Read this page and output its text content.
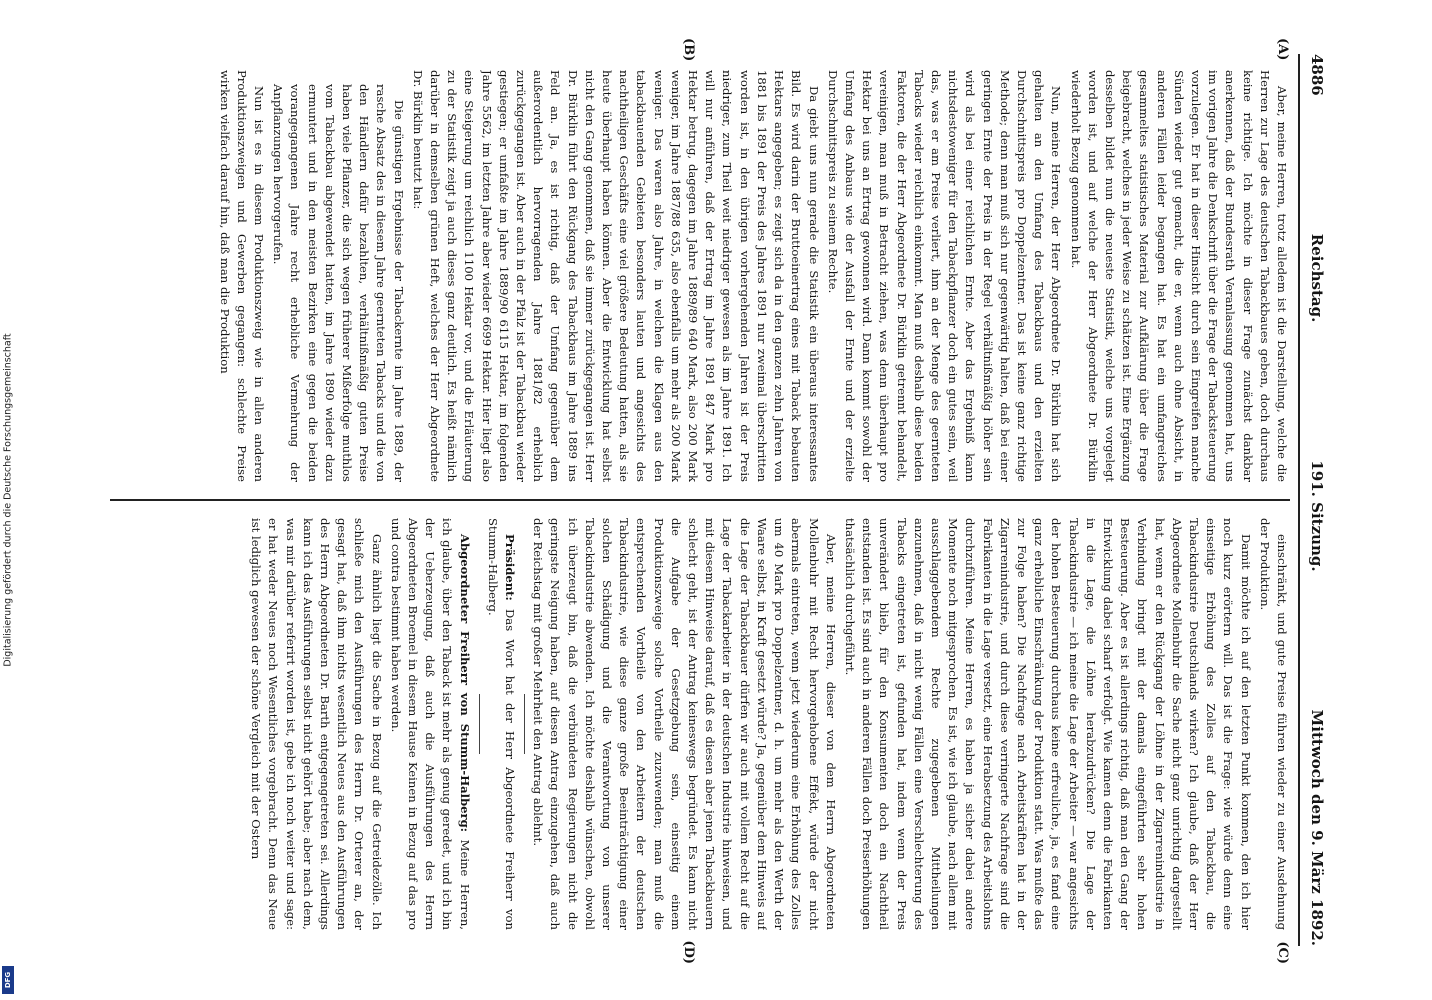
4886
Reichstag.
191. Sitzung.
Mittwoch den 9. März 1892.
(A)
(B)
(C)
(D)

Aber, meine Herren, trotz alledem ist die Darstellung, welche die Herren zur Lage des deutschen Tabackbaues geben, doch durchaus keine richtige. Ich möchte in dieser Frage zunächst dankbar anerkennen, daß der Bundesrath Veranlassung genommen hat, uns im vorigen Jahre die Denkschrift über die Frage der Tabacksteuerung vorzulegen. Er hat in dieser Hinsicht durch sein Eingreifen manche Sünden wieder gut gemacht, die er, wenn auch ohne Absicht, in anderen Fällen leider begangen hat. Es hat ein umfangreiches gesammeltes statistisches Material zur Aufklärung über die Frage beigebracht, welches in jeder Weise zu schätzen ist. Eine Ergänzung desselben bildet nun die neueste Statistik, welche uns vorgelegt worden ist, und auf welche der Herr Abgeordnete Dr. Bürklin wiederholt Bezug genommen hat.

Nun, meine Herren, der Herr Abgeordnete Dr. Bürklin hat sich gehalten an den Umfang des Tabackbaus und den erzielten Durchschnittspreis pro Doppelzentner. Das ist keine ganz richtige Methode; denn man muß sich nur gegenwärtig halten, daß bei einer geringen Ernte der Preis in der Regel verhältnißmäßig höher sein wird als bei einer reichlichen Ernte. Aber das Ergebniß kann nichtsdestoweniger für den Tabackpflanzer doch ein gutes sein, weil das, was er am Preise verliert, ihm an der Menge des geernteten Tabacks wieder reichlich einkommt. Man muß deshalb diese beiden Faktoren, die der Herr Abgeordnete Dr. Bürklin getrennt behandelt, vereinigen, man muß in Betracht ziehen, was denn überhaupt pro Hektar bei uns an Ertrag gewonnen wird. Dann kommt sowohl der Umfang des Anbaus wie der Ausfall der Ernte und der erzielte Durchschnittspreis zu seinem Rechte.

Da giebt uns nun gerade die Statistik ein überaus interessantes Bild. Es wird darin der Bruttoeinertrag eines mit Taback bebauten Hektars angegeben; es zeigt sich da in den ganzen zehn Jahren von 1881 bis 1891 der Preis des Jahres 1891 nur zweimal überschritten worden ist, in den übrigen vorhergehenden Jahren ist der Preis niedriger, zum Theil weit niedriger gewesen als im Jahre 1891. Ich will nur anführen, daß der Ertrag im Jahre 1891 847 Mark pro Hektar betrug, dagegen im Jahre 1889/89 640 Mark, also 200 Mark weniger, im Jahre 1887/88 635, also ebenfalls um mehr als 200 Mark weniger. Das waren also Jahre, in welchen die Klagen aus den tabackbauenden Gebieten besonders lauten und angesichts des nachtheiligen Geschäfts eine viel größere Bedeutung hatten, als sie heute überhaupt haben können. Aber die Entwicklung hat selbst nicht den Gang genommen, daß sie immer zurückgegangen ist. Herr Dr. Bürklin führt den Rückgang des Tabackbaus im Jahre 1889 ins Feld an. Ja, es ist richtig, daß der Umfang gegenüber dem außerordentlich hervorragenden Jahre 1881/82 erheblich zurückgegangen ist. Aber auch in der Pfalz ist der Tabackbau wieder gestiegen; er umfaßte im Jahre 1889/90 6115 Hektar, im folgenden Jahre 5562, im letzten Jahre aber wieder 6699 Hektar. Hier liegt also eine Steigerung um reichlich 1100 Hektar vor, und die Erläuterung zu der Statistik zeigt ja auch dieses ganz deutlich. Es heißt nämlich darüber in demselben grünen Heft, welches der Herr Abgeordnete Dr. Bürklin benutzt hat:

Die günstigen Ergebnisse der Tabackernte im Jahre 1889, der rasche Absatz des in diesem Jahre geernteten Tabacks und die von den Händlern dafür bezahlten, verhältnißmäßig guten Preise haben viele Pflanzer, die sich wegen früherer Mißerfolge muthlos vom Tabackbau abgewendet hatten, im Jahre 1890 wieder dazu ermuntert und in den meisten Bezirken eine gegen die beiden vorangegangenen Jahre recht erhebliche Vermehrung der Anpflanzungen hervorgerufen.

Nun ist es in diesem Produktionszweig wie in allen anderen Produktionszweigen und Gewerben gegangen: schlechte Preise wirken vielfach darauf hin, daß man die Produktion

einschränkt, und gute Preise führen wieder zu einer Ausdehnung der Produktion.

Damit möchte ich auf den letzten Punkt kommen, den ich hier noch kurz erörtern will. Das ist die Frage: wie würde denn eine einseitige Erhöhung des Zolles auf den Tabackbau, die Tabackindustrie Deutschlands wirken? Ich glaube, daß der Herr Abgeordnete Mollenbuhr die Sache nicht ganz unrichtig dargestellt hat, wenn er den Rückgang der Löhne in der Zigarrenindustrie in Verbindung bringt mit der damals eingeführten sehr hohen Besteuerung. Aber es ist allerdings richtig, daß man den Gang der Entwicklung dabei scharf verfolgt. Wie kamen denn die Fabrikanten in die Lage, die Löhne herabzudrücken? Die Lage der Tabackindustrie — ich meine die Lage der Arbeiter — war angesichts der hohen Besteuerung durchaus keine erfreuliche, ja, es fand eine ganz erhebliche Einschränkung der Produktion statt. Was mußte das zur Folge haben? Die Nachfrage nach Arbeitskräften hat in der Zigarrenindustrie, und durch diese verringerte Nachfrage sind die Fabrikanten in die Lage versetzt, eine Herabsetzung des Arbeitslohns durchzuführen. Meine Herren, es haben ja sicher dabei andere Momente noch mitgesprochen. Es ist, wie ich glaube, nach allem mit ausschlaggebendem Rechte zugegebenen Mittheilungen anzunehmen, daß in nicht wenig Fällen eine Verschlechterung des Tabacks eingetreten ist, gefunden hat, indem wenn der Preis unverändert blieb, für den Konsumenten doch ein Nachtheil entstanden ist. Es sind auch in anderen Fällen doch Preiserhöhungen thatsächlich durchgeführt.

Aber, meine Herren, dieser von dem Herrn Abgeordneten Mollenbuhr mit Recht hervorgehobene Effekt, würde der nicht abermals eintreten, wenn jetzt wiederum eine Erhöhung des Zolles um 40 Mark pro Doppelzentner, d. h. um mehr als den Werth der Waare selbst, in Kraft gesetzt würde? Ja, gegenüber dem Hinweis auf die Lage der Tabackbauer dürfen wir auch mit vollem Recht auf die Lage der Tabackarbeiter in der deutschen Industrie hinweisen, und mit diesem Hinweise darauf, daß es diesen aber jenen Tabackbauern schlecht geht, ist der Antrag keineswegs begründet. Es kann nicht die Aufgabe der Gesetzgebung sein, einseitig einem Produktionszweige solche Vortheile zuzuwenden; man muß die entsprechenden Vortheile von den Arbeitern der deutschen Tabackindustrie, wie diese ganze große Beeinträchtigung einer solchen Schädigung und die Verantwortung von unserer Tabackindustrie abwenden. Ich möchte deshalb wünschen, obwohl ich überzeugt bin, daß die verbündeten Regierungen nicht die geringste Neigung haben, auf diesen Antrag einzugehen, daß auch der Reichstag mit großer Mehrheit den Antrag ablehnt.

Präsident: Das Wort hat der Herr Abgeordnete Freiherr von Stumm-Halberg.

Abgeordneter Freiherr von Stumm-Halberg: Meine Herren, ich glaube, über den Taback ist mehr als genug geredet, und ich bin der Ueberzeugung, daß auch die Ausführungen des Herrn Abgeordneten Broemel in diesem Hause Keinen in Bezug auf das pro und contra bestimmt haben werden.

Ganz ähnlich liegt die Sache in Bezug auf die Getreidezölle. Ich schließe mich den Ausführungen des Herrn Dr. Orterer an, der gesagt hat, daß ihm nichts wesentlich Neues aus den Ausführungen des Herrn Abgeordneten Dr. Barth entgegengetreten sei. Allerdings kann ich das Ausführungen selbst nicht gehört habe; aber nach dem, was mir darüber referirt worden ist, gebe ich noch weiter und sage: er hat weder Neues noch Wesentliches vorgebracht. Denn das Neue ist lediglich gewesen der schöne Vergleich mit der Ostern

Digitalisierung gefördert durch die Deutsche Forschungsgemeinschaft
DFG
